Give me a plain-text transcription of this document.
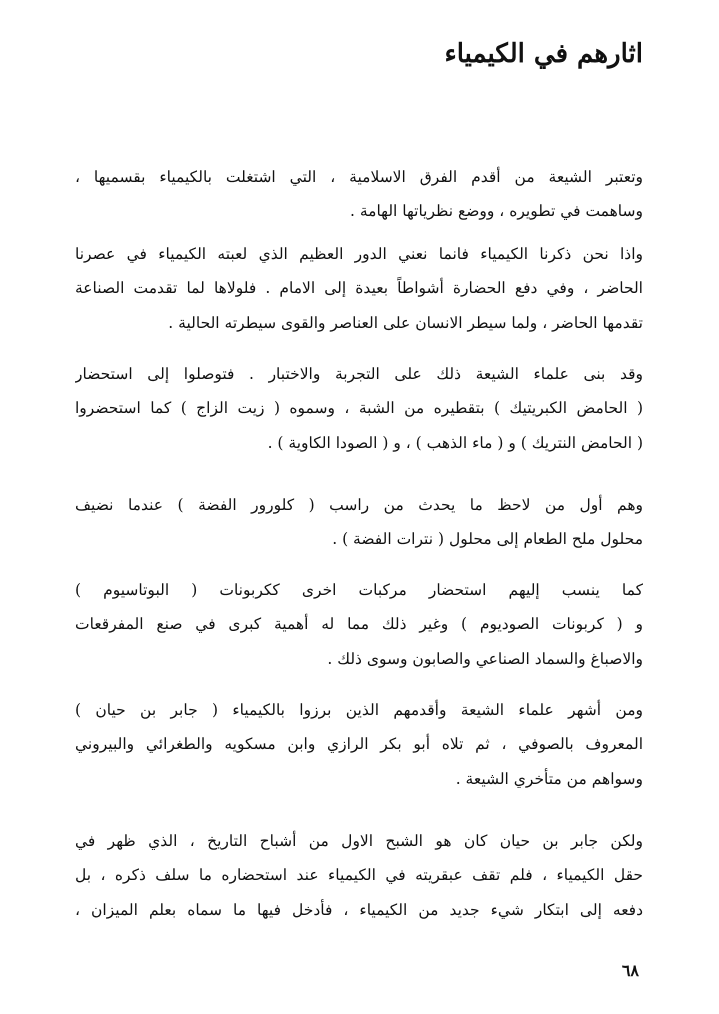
اثارهم في الكيمياء
وتعتبر الشيعة من أقدم الفرق الاسلامية ، التي اشتغلت بالكيمياء بقسميها ،
وساهمت في تطويره ، ووضع نظرياتها الهامة .
واذا نحن ذكرنا الكيمياء فانما نعني الدور العظيم الذي لعبته الكيمياء في عصرنا
الحاضر ، وفي دفع الحضارة أشواطاً بعيدة إلى الامام . فلولاها لما تقدمت الصناعة
تقدمها الحاضر ، ولما سيطر الانسان على العناصر والقوى سيطرته الحالية .
وقد بنى علماء الشيعة ذلك على التجربة والاختبار . فتوصلوا إلى استحضار
( الحامض الكبريتيك ) بتقطيره من الشبة ، وسموه ( زيت الزاج ) كما استحضروا
( الحامض النتريك ) و ( ماء الذهب ) ، و ( الصودا الكاوية ) .
وهم أول من لاحظ ما يحدث من راسب ( كلورور الفضة ) عندما نضيف
محلول ملح الطعام إلى محلول ( نترات الفضة ) .
كما ينسب إليهم استحضار مركبات اخرى ككربونات ( البوتاسيوم )
و ( كربونات الصوديوم ) وغير ذلك مما له أهمية كبرى في صنع المفرقعات
والاصباغ والسماد الصناعي والصابون وسوى ذلك .
ومن أشهر علماء الشيعة وأقدمهم الذين برزوا بالكيمياء ( جابر بن حيان )
المعروف بالصوفي ، ثم تلاه أبو بكر الرازي وابن مسكويه والطغرائي والبيروني
وسواهم من متأخري الشيعة .
ولكن جابر بن حيان كان هو الشبح الاول من أشباح التاريخ ، الذي ظهر في
حقل الكيمياء ، فلم تقف عبقريته في الكيمياء عند استحضاره ما سلف ذكره ، بل
دفعه إلى ابتكار شيء جديد من الكيمياء ، فأدخل فيها ما سماه بعلم الميزان ،
٦٨
